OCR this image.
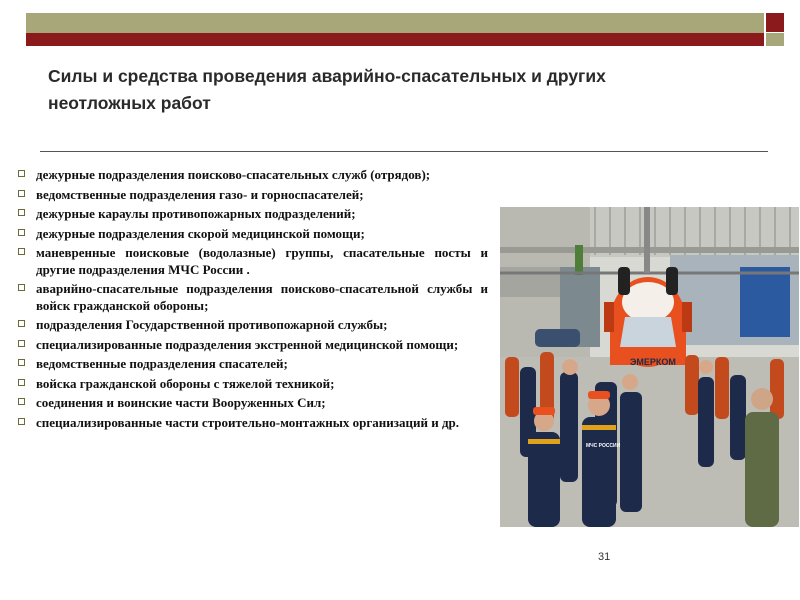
Силы и средства проведения аварийно-спасательных и других
неотложных работ
дежурные подразделения поисково-спасательных служб (отрядов);
ведомственные подразделения газо- и горноспасателей;
дежурные караулы противопожарных подразделений;
дежурные подразделения скорой медицинской помощи;
маневренные поисковые (водолазные) группы, спасательные посты и другие подразделения МЧС России .
аварийно-спасательные подразделения поисково-спасательной службы и войск гражданской обороны;
подразделения Государственной противопожарной службы;
специализированные подразделения экстренной медицинской помощи;
ведомственные подразделения спасателей;
войска гражданской обороны с тяжелой техникой;
соединения и воинские части Вооруженных Сил;
специализированные части строительно-монтажных организаций и др.
ЭМЕРКОМ
МЧС РОССИИ
31
